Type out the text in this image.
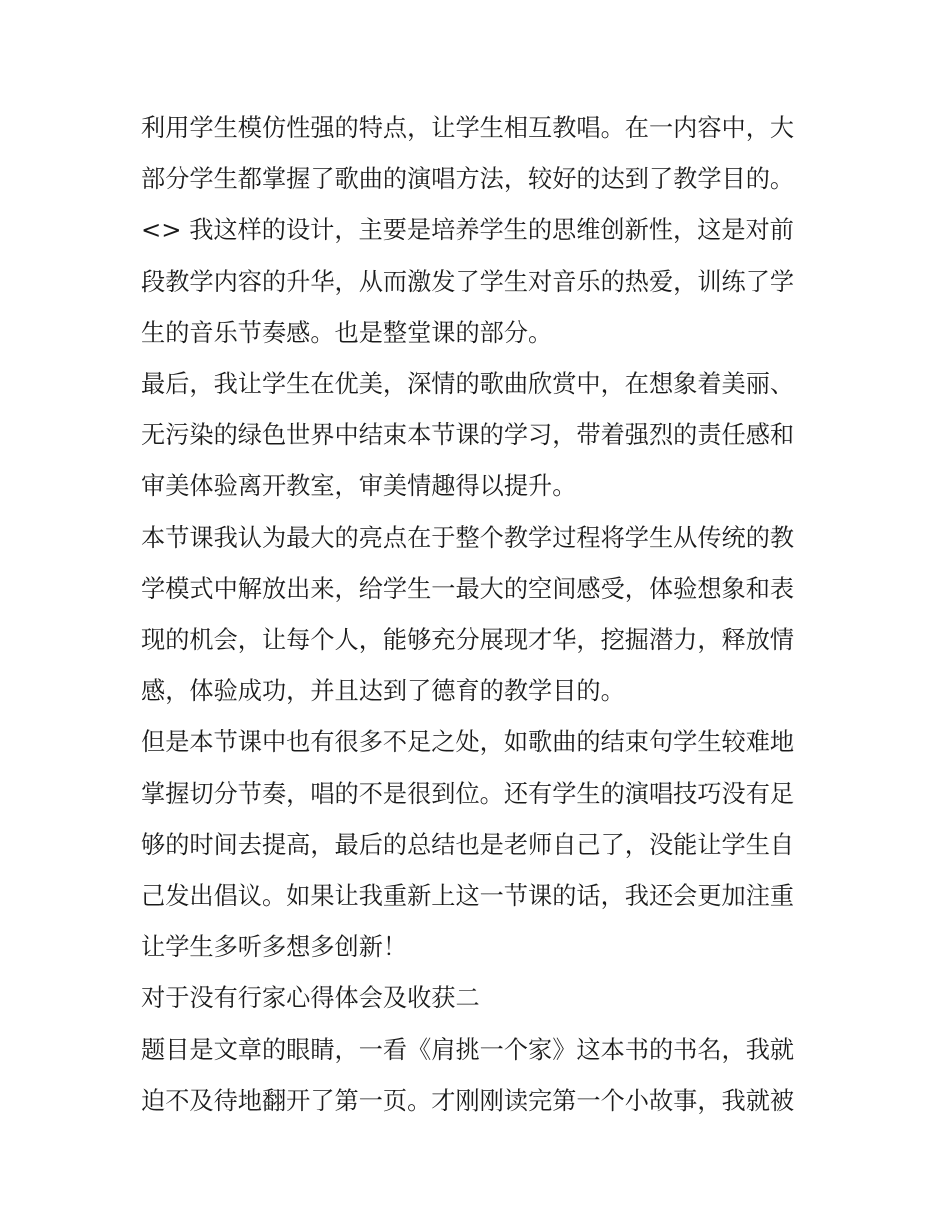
利用学生模仿性强的特点，让学生相互教唱。在一内容中，大

部分学生都掌握了歌曲的演唱方法，较好的达到了教学目的。

<> 我这样的设计，主要是培养学生的思维创新性，这是对前

段教学内容的升华，从而激发了学生对音乐的热爱，训练了学

生的音乐节奏感。也是整堂课的部分。

最后，我让学生在优美，深情的歌曲欣赏中，在想象着美丽、

无污染的绿色世界中结束本节课的学习，带着强烈的责任感和

审美体验离开教室，审美情趣得以提升。

本节课我认为最大的亮点在于整个教学过程将学生从传统的教

学模式中解放出来，给学生一最大的空间感受，体验想象和表

现的机会，让每个人，能够充分展现才华，挖掘潜力，释放情

感，体验成功，并且达到了德育的教学目的。

但是本节课中也有很多不足之处，如歌曲的结束句学生较难地

掌握切分节奏，唱的不是很到位。还有学生的演唱技巧没有足

够的时间去提高，最后的总结也是老师自己了，没能让学生自

己发出倡议。如果让我重新上这一节课的话，我还会更加注重

让学生多听多想多创新！

对于没有行家心得体会及收获二

题目是文章的眼睛，一看《肩挑一个家》这本书的书名，我就

迫不及待地翻开了第一页。才刚刚读完第一个小故事，我就被
